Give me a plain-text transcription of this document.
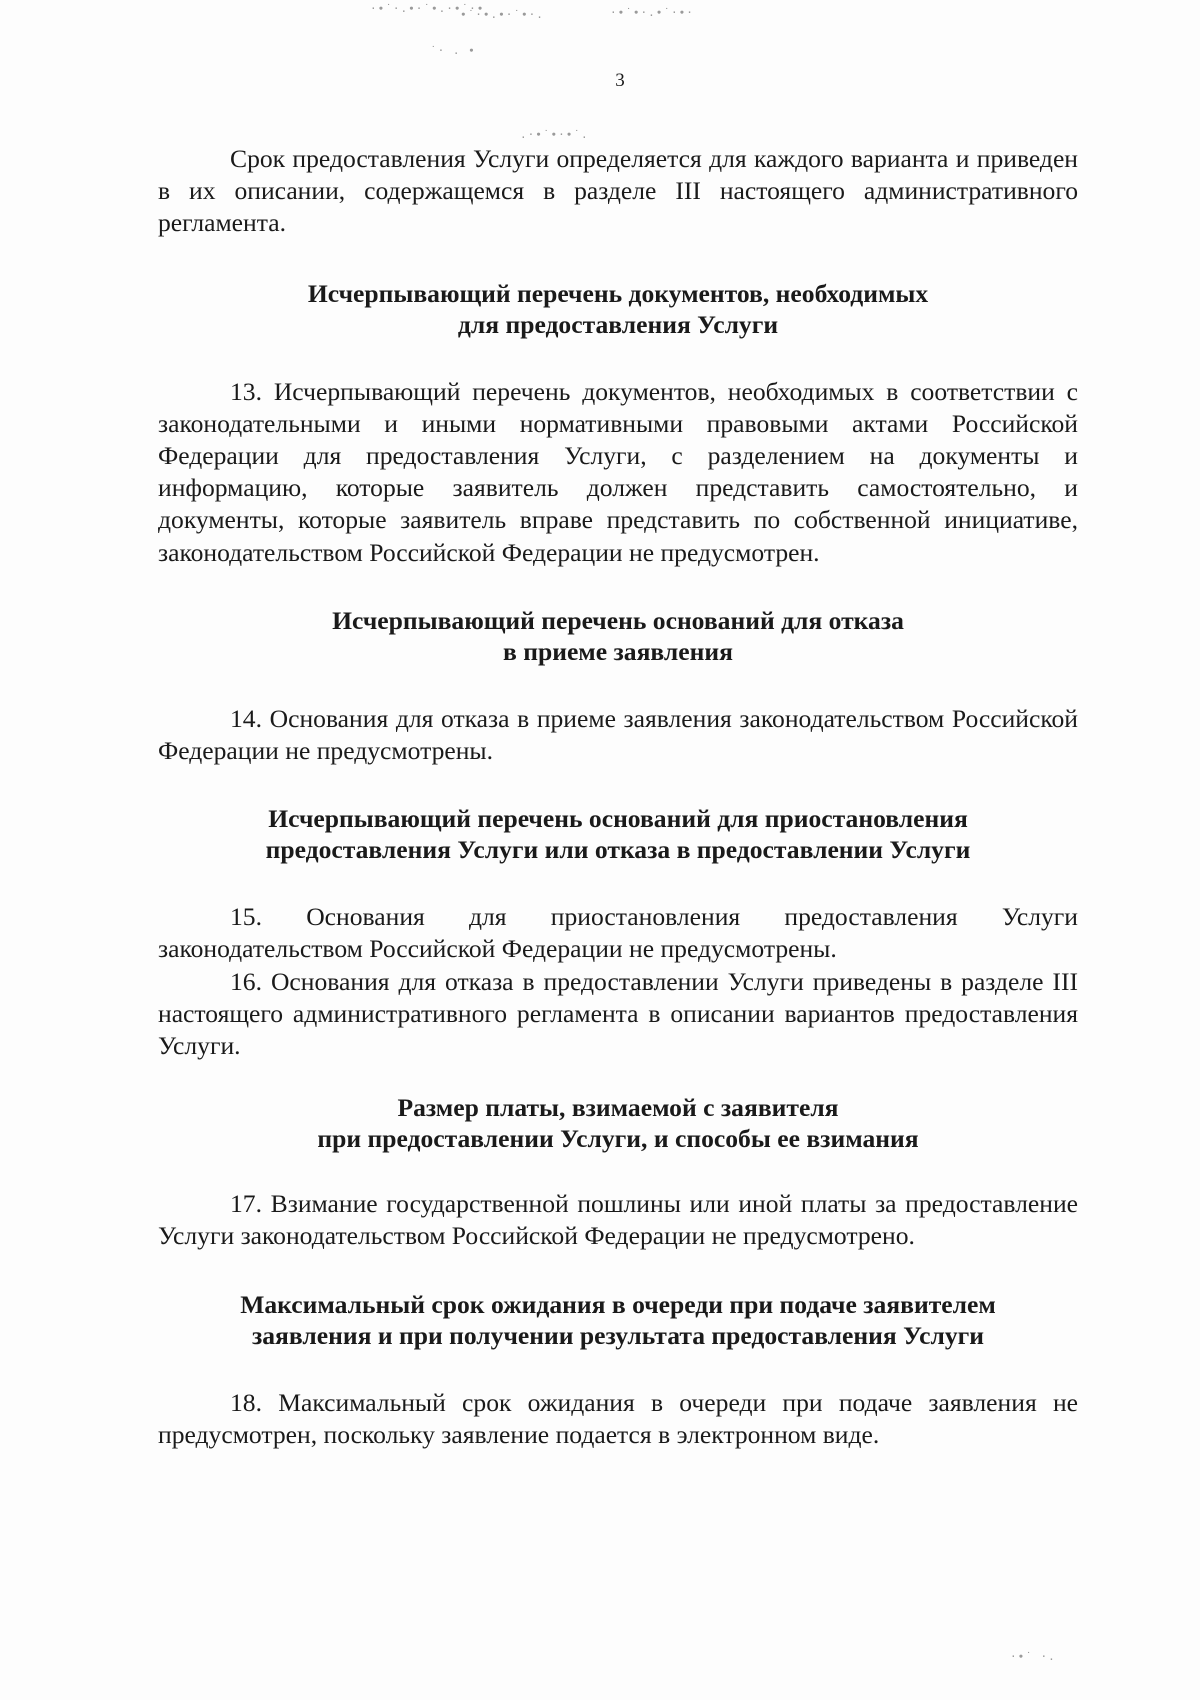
·∙˙·.∙·˙∙.·∙˙·∙
∙˙·∙.∙·˙∙·.	·∙˙∙·.∙˙·∙·
˙· . ∙
.·∙˙∙·∙˙.
·∙˙ ·.
3

Срок предоставления Услуги определяется для каждого варианта и приведен в их описании, содержащемся в разделе III настоящего административного регламента.

Исчерпывающий перечень документов, необходимых
для предоставления Услуги

13. Исчерпывающий перечень документов, необходимых в соответствии с законодательными и иными нормативными правовыми актами Российской Федерации для предоставления Услуги, с разделением на документы и информацию, которые заявитель должен представить самостоятельно, и документы, которые заявитель вправе представить по собственной инициативе, законодательством Российской Федерации не предусмотрен.

Исчерпывающий перечень оснований для отказа
в приеме заявления

14. Основания для отказа в приеме заявления законодательством Российской Федерации не предусмотрены.

Исчерпывающий перечень оснований для приостановления
предоставления Услуги или отказа в предоставлении Услуги

15. Основания для приостановления предоставления Услуги законодательством Российской Федерации не предусмотрены.

16. Основания для отказа в предоставлении Услуги приведены в разделе III настоящего административного регламента в описании вариантов предоставления Услуги.

Размер платы, взимаемой с заявителя
при предоставлении Услуги, и способы ее взимания

17. Взимание государственной пошлины или иной платы за предоставление Услуги законодательством Российской Федерации не предусмотрено.

Максимальный срок ожидания в очереди при подаче заявителем
заявления и при получении результата предоставления Услуги

18. Максимальный срок ожидания в очереди при подаче заявления не предусмотрен, поскольку заявление подается в электронном виде.
